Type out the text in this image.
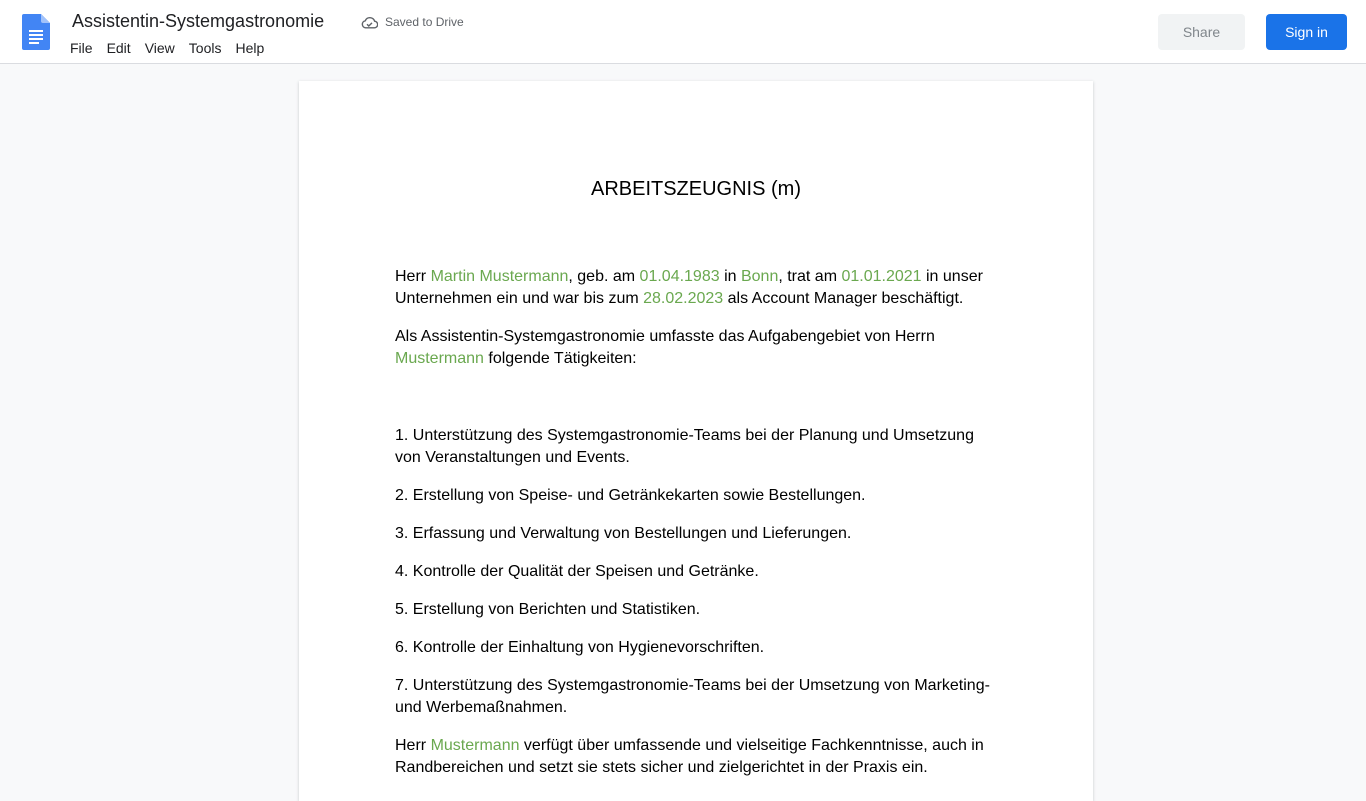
Assistentin-Systemgastronomie	Saved to Drive
File	Edit	View	Tools	Help
Share	Sign in
ARBEITSZEUGNIS (m)

Herr Martin Mustermann, geb. am 01.04.1983 in Bonn, trat am 01.01.2021 in unser Unternehmen ein und war bis zum 28.02.2023 als Account Manager beschäftigt.

Als Assistentin-Systemgastronomie umfasste das Aufgabengebiet von Herrn Mustermann folgende Tätigkeiten:

1. Unterstützung des Systemgastronomie-Teams bei der Planung und Umsetzung von Veranstaltungen und Events.

2. Erstellung von Speise- und Getränkekarten sowie Bestellungen.

3. Erfassung und Verwaltung von Bestellungen und Lieferungen.

4. Kontrolle der Qualität der Speisen und Getränke.

5. Erstellung von Berichten und Statistiken.

6. Kontrolle der Einhaltung von Hygienevorschriften.

7. Unterstützung des Systemgastronomie-Teams bei der Umsetzung von Marketing- und Werbemaßnahmen.

Herr Mustermann verfügt über umfassende und vielseitige Fachkenntnisse, auch in Randbereichen und setzt sie stets sicher und zielgerichtet in der Praxis ein.
